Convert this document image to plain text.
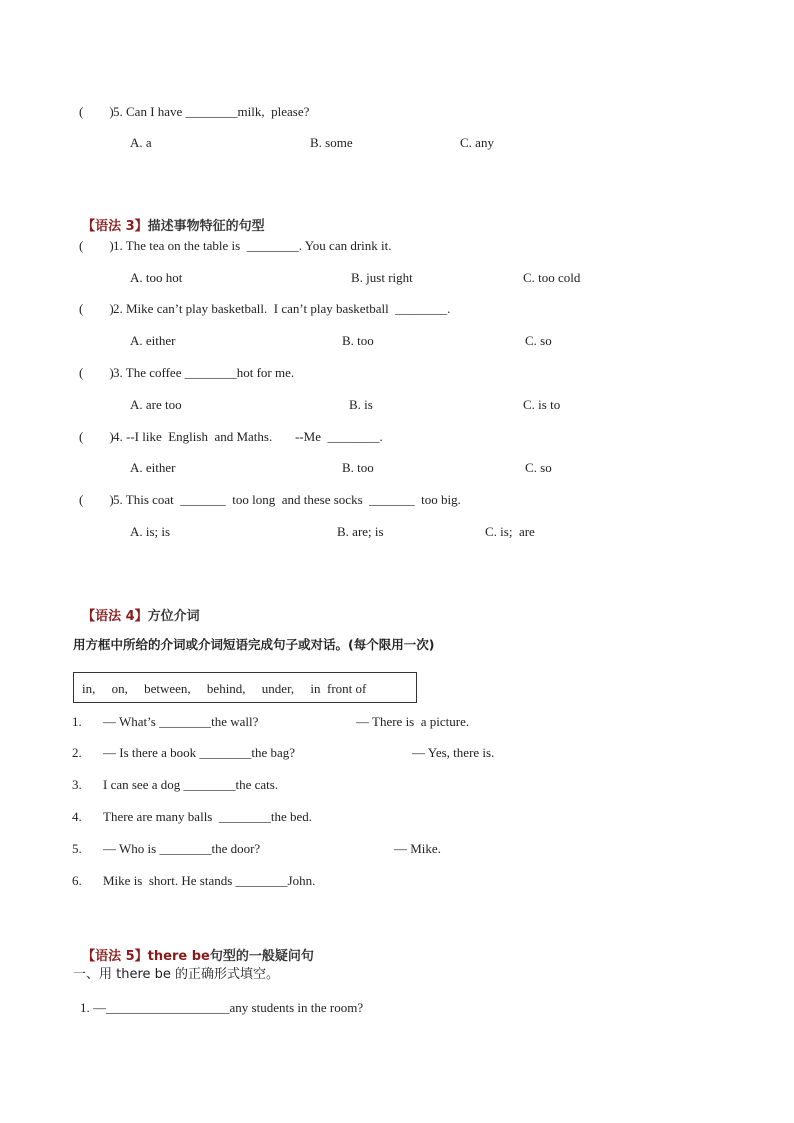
(        ) 5. Can I have ________milk,  please?
A. a	B. some	C. any

【语法 3】描述事物特征的句型

(        ) 1. The tea on the table is  ________. You can drink it.
A. too hot	B. just right	C. too cold
(        ) 2. Mike can’t play basketball.  I can’t play basketball  ________.
A. either	B. too	C. so
(        ) 3. The coffee ________hot for me.
A. are too	B. is	C. is to
(        ) 4. --I like  English  and Maths.       --Me  ________.
A. either	B. too	C. so
(        ) 5. This coat  _______  too long  and these socks  _______  too big.
A. is; is	B. are; is	C. is;  are

【语法 4】方位介词

用方框中所给的介词或介词短语完成句子或对话。(每个限用一次)
in,     on,     between,     behind,     under,     in  front of
1. — What’s ________the wall?	— There is  a picture.
2. — Is there a book ________the bag?	— Yes, there is.
3. I can see a dog ________the cats.
4. There are many balls  ________the bed.
5. — Who is ________the door?	— Mike.
6. Mike is  short. He stands ________John.

【语法 5】there be句型的一般疑问句

一、用 there be 的正确形式填空。
1. —___________________any students in the room?
